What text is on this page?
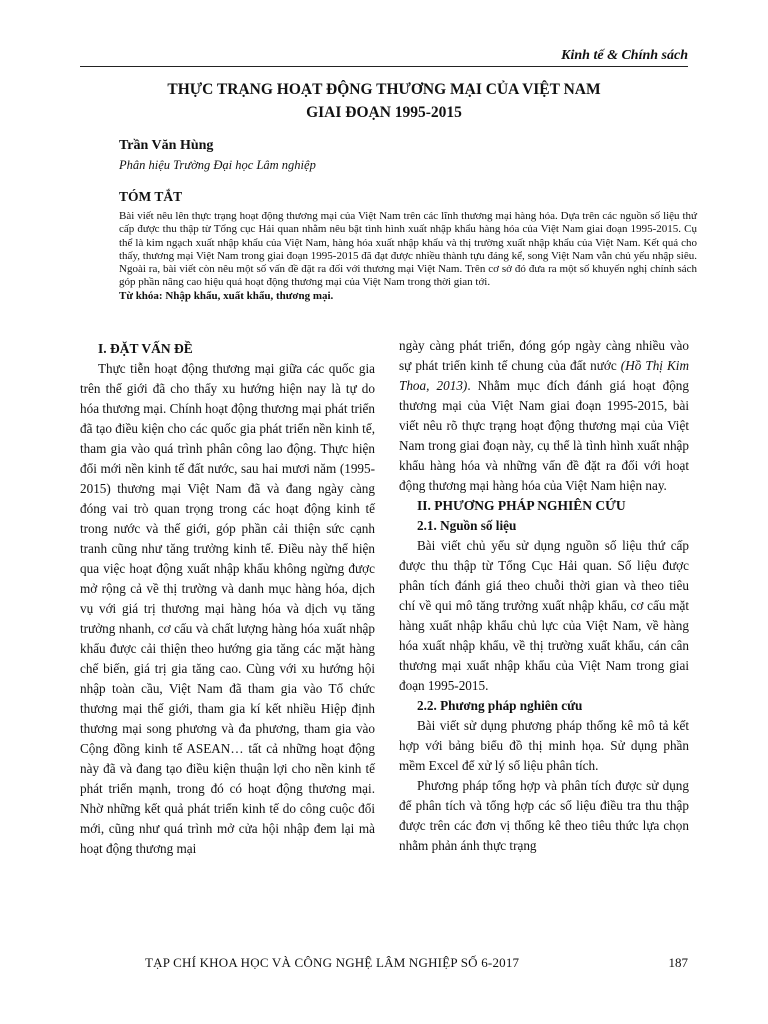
Kinh tế & Chính sách
THỰC TRẠNG HOẠT ĐỘNG THƯƠNG MẠI CỦA VIỆT NAM
GIAI ĐOẠN 1995-2015
Trần Văn Hùng
Phân hiệu Trường Đại học Lâm nghiệp
TÓM TẮT
Bài viết nêu lên thực trạng hoạt động thương mại của Việt Nam trên các lĩnh thương mại hàng hóa. Dựa trên các nguồn số liệu thứ cấp được thu thập từ Tổng cục Hải quan nhằm nêu bật tình hình xuất nhập khẩu hàng hóa của Việt Nam giai đoạn 1995-2015. Cụ thể là kim ngạch xuất nhập khẩu của Việt Nam, hàng hóa xuất nhập khẩu và thị trường xuất nhập khẩu của Việt Nam. Kết quả cho thấy, thương mại Việt Nam trong giai đoạn 1995-2015 đã đạt được nhiều thành tựu đáng kể, song Việt Nam vẫn chủ yếu nhập siêu. Ngoài ra, bài viết còn nêu một số vấn đề đặt ra đối với thương mại Việt Nam. Trên cơ sở đó đưa ra một số khuyến nghị chính sách góp phần nâng cao hiệu quả hoạt động thương mại của Việt Nam trong thời gian tới.
Từ khóa: Nhập khẩu, xuất khẩu, thương mại.

I. ĐẶT VẤN ĐỀ

Thực tiễn hoạt động thương mại giữa các quốc gia trên thế giới đã cho thấy xu hướng hiện nay là tự do hóa thương mại. Chính hoạt động thương mại phát triển đã tạo điều kiện cho các quốc gia phát triển nền kinh tế, tham gia vào quá trình phân công lao động. Thực hiện đổi mới nền kinh tế đất nước, sau hai mươi năm (1995-2015) thương mại Việt Nam đã và đang ngày càng đóng vai trò quan trọng trong các hoạt động kinh tế trong nước và thế giới, góp phần cải thiện sức cạnh tranh cũng như tăng trưởng kinh tế. Điều này thể hiện qua việc hoạt động xuất nhập khẩu không ngừng được mở rộng cả về thị trường và danh mục hàng hóa, dịch vụ với giá trị thương mại hàng hóa và dịch vụ tăng trưởng nhanh, cơ cấu và chất lượng hàng hóa xuất nhập khẩu được cải thiện theo hướng gia tăng các mặt hàng chế biến, giá trị gia tăng cao. Cùng với xu hướng hội nhập toàn cầu, Việt Nam đã tham gia vào Tổ chức thương mại thế giới, tham gia kí kết nhiều Hiệp định thương mại song phương và đa phương, tham gia vào Cộng đồng kinh tế ASEAN… tất cả những hoạt động này đã và đang tạo điều kiện thuận lợi cho nền kinh tế phát triển mạnh, trong đó có hoạt động thương mại. Nhờ những kết quả phát triển kinh tế do công cuộc đổi mới, cũng như quá trình mở cửa hội nhập đem lại mà hoạt động thương mại

ngày càng phát triển, đóng góp ngày càng nhiều vào sự phát triển kinh tế chung của đất nước (Hồ Thị Kim Thoa, 2013). Nhằm mục đích đánh giá hoạt động thương mại của Việt Nam giai đoạn 1995-2015, bài viết nêu rõ thực trạng hoạt động thương mại của Việt Nam trong giai đoạn này, cụ thể là tình hình xuất nhập khẩu hàng hóa và những vấn đề đặt ra đối với hoạt động thương mại hàng hóa của Việt Nam hiện nay.

II. PHƯƠNG PHÁP NGHIÊN CỨU

2.1. Nguồn số liệu

Bài viết chủ yếu sử dụng nguồn số liệu thứ cấp được thu thập từ Tổng Cục Hải quan. Số liệu được phân tích đánh giá theo chuỗi thời gian và theo tiêu chí về qui mô tăng trưởng xuất nhập khẩu, cơ cấu mặt hàng xuất nhập khẩu chủ lực của Việt Nam, về hàng hóa xuất nhập khẩu, về thị trường xuất khẩu, cán cân thương mại xuất nhập khẩu của Việt Nam trong giai đoạn 1995-2015.

2.2. Phương pháp nghiên cứu

Bài viết sử dụng phương pháp thống kê mô tả kết hợp với bảng biểu đồ thị minh họa. Sử dụng phần mềm Excel để xử lý số liệu phân tích.

Phương pháp tổng hợp và phân tích được sử dụng để phân tích và tổng hợp các số liệu điều tra thu thập được trên các đơn vị thống kê theo tiêu thức lựa chọn nhằm phản ánh thực trạng

TẠP CHÍ KHOA HỌC VÀ CÔNG NGHỆ LÂM NGHIỆP SỐ 6-2017	187
